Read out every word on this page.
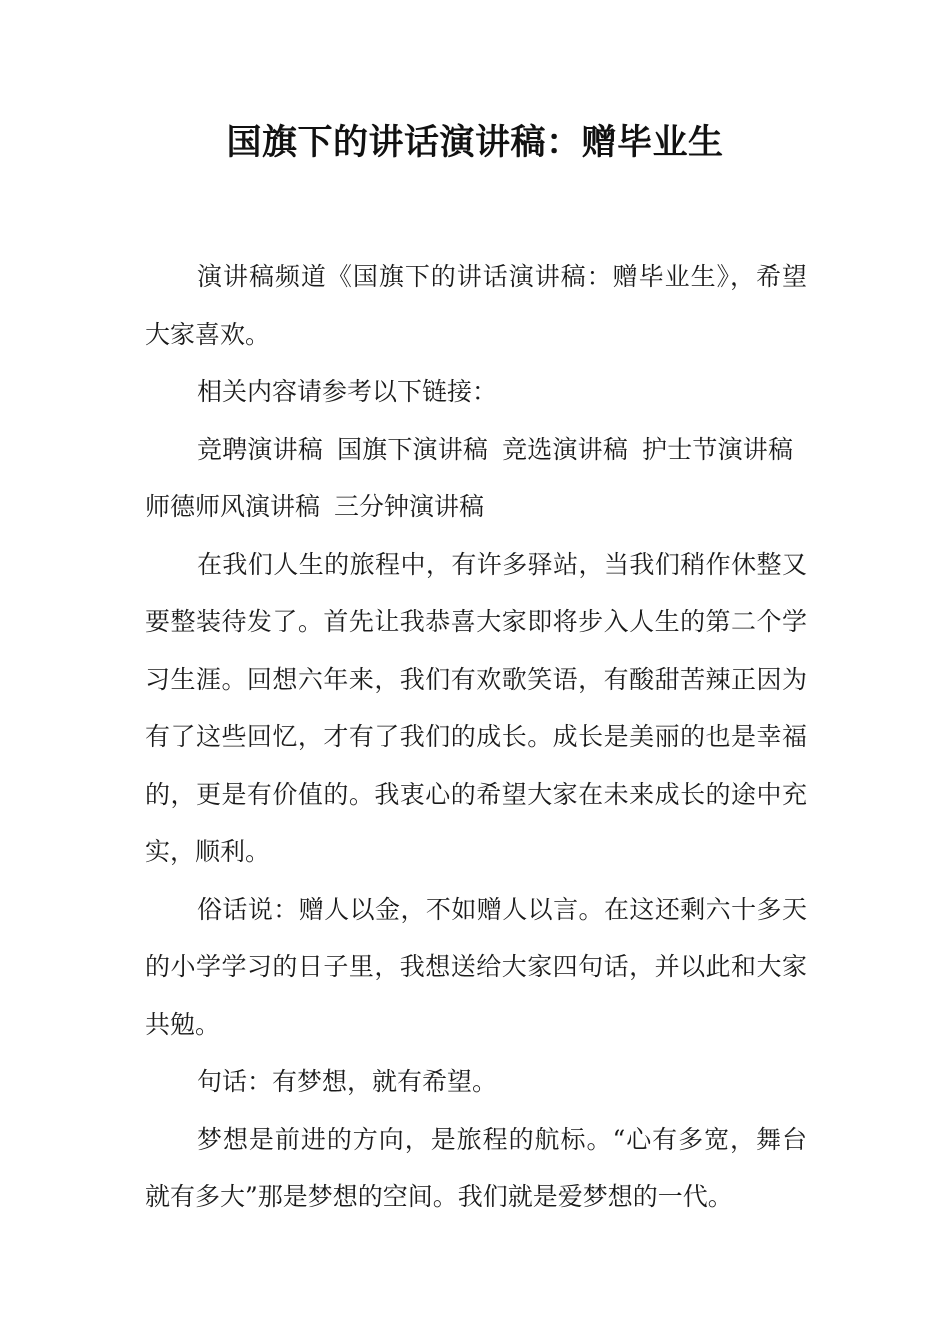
国旗下的讲话演讲稿：赠毕业生

演讲稿频道《国旗下的讲话演讲稿：赠毕业生》，希望大家喜欢。

相关内容请参考以下链接：

竞聘演讲稿 国旗下演讲稿 竞选演讲稿 护士节演讲稿师德师风演讲稿 三分钟演讲稿

在我们人生的旅程中，有许多驿站，当我们稍作休整又要整装待发了。首先让我恭喜大家即将步入人生的第二个学习生涯。回想六年来，我们有欢歌笑语，有酸甜苦辣正因为有了这些回忆，才有了我们的成长。成长是美丽的也是幸福的，更是有价值的。我衷心的希望大家在未来成长的途中充实，顺利。

俗话说：赠人以金，不如赠人以言。在这还剩六十多天的小学学习的日子里，我想送给大家四句话，并以此和大家共勉。

句话：有梦想，就有希望。

梦想是前进的方向，是旅程的航标。“心有多宽，舞台就有多大”那是梦想的空间。我们就是爱梦想的一代。
